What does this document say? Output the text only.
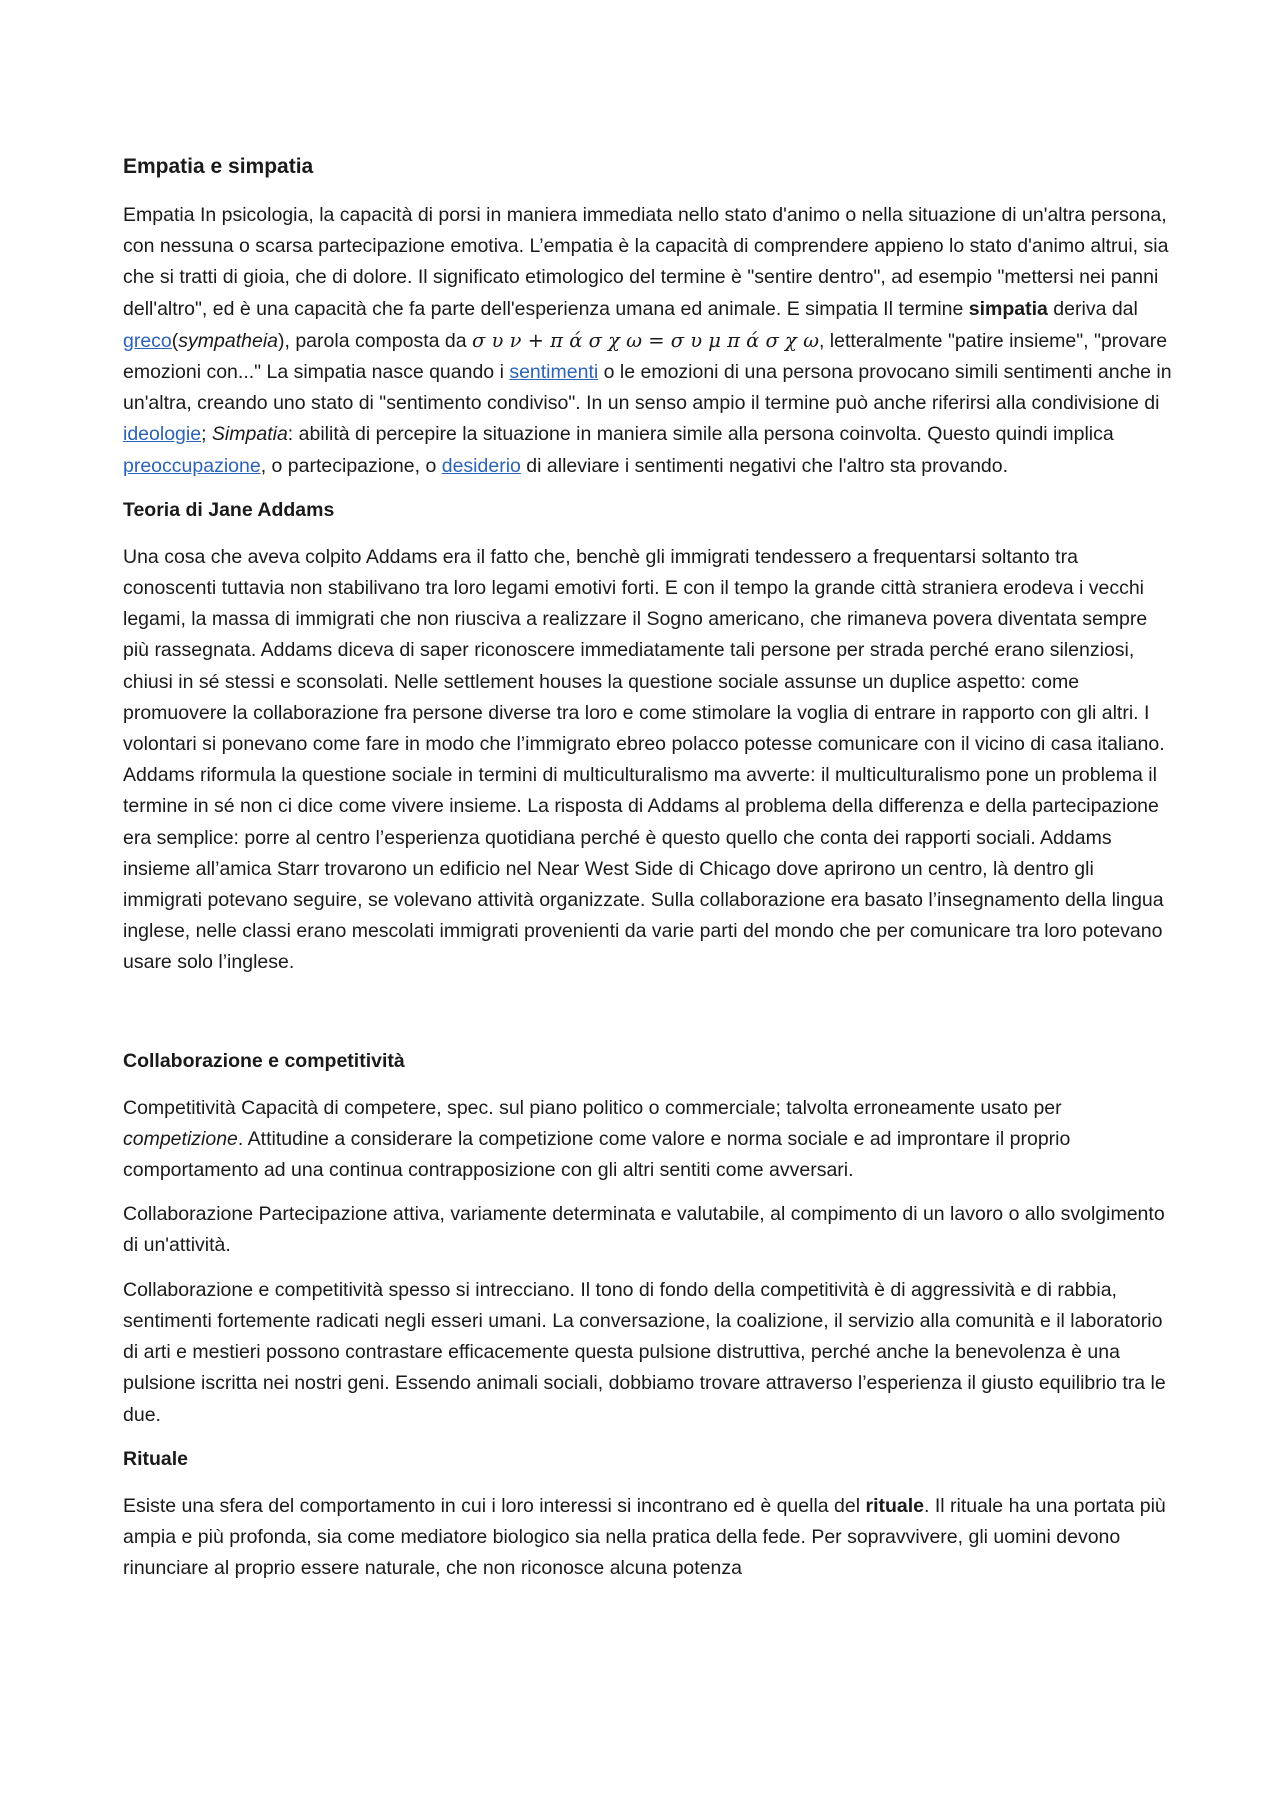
Empatia e simpatia
Empatia In psicologia, la capacità di porsi in maniera immediata nello stato d'animo o nella situazione di un'altra persona, con nessuna o scarsa partecipazione emotiva. L’empatia è la capacità di comprendere appieno lo stato d'animo altrui, sia che si tratti di gioia, che di dolore. Il significato etimologico del termine è "sentire dentro", ad esempio "mettersi nei panni dell'altro", ed è una capacità che fa parte dell'esperienza umana ed animale. E simpatia Il termine simpatia deriva dal greco(sympatheia), parola composta da σ υ ν + π ά σ χ ω = σ υ μ π ά σ χ ω, letteralmente "patire insieme", "provare emozioni con..." La simpatia nasce quando i sentimenti o le emozioni di una persona provocano simili sentimenti anche in un'altra, creando uno stato di "sentimento condiviso". In un senso ampio il termine può anche riferirsi alla condivisione di ideologie; Simpatia: abilità di percepire la situazione in maniera simile alla persona coinvolta. Questo quindi implica preoccupazione, o partecipazione, o desiderio di alleviare i sentimenti negativi che l'altro sta provando.
Teoria di Jane Addams
Una cosa che aveva colpito Addams era il fatto che, benchè gli immigrati tendessero a frequentarsi soltanto tra conoscenti tuttavia non stabilivano tra loro legami emotivi forti. E con il tempo la grande città straniera erodeva i vecchi legami, la massa di immigrati che non riusciva a realizzare il Sogno americano, che rimaneva povera diventata sempre più rassegnata. Addams diceva di saper riconoscere immediatamente tali persone per strada perché erano silenziosi, chiusi in sé stessi e sconsolati. Nelle settlement houses la questione sociale assunse un duplice aspetto: come promuovere la collaborazione fra persone diverse tra loro e come stimolare la voglia di entrare in rapporto con gli altri. I volontari si ponevano come fare in modo che l’immigrato ebreo polacco potesse comunicare con il vicino di casa italiano. Addams riformula la questione sociale in termini di multiculturalismo ma avverte: il multiculturalismo pone un problema il termine in sé non ci dice come vivere insieme. La risposta di Addams al problema della differenza e della partecipazione era semplice: porre al centro l’esperienza quotidiana perché è questo quello che conta dei rapporti sociali. Addams insieme all’amica Starr trovarono un edificio nel Near West Side di Chicago dove aprirono un centro, là dentro gli immigrati potevano seguire, se volevano attività organizzate. Sulla collaborazione era basato l’insegnamento della lingua inglese, nelle classi erano mescolati immigrati provenienti da varie parti del mondo che per comunicare tra loro potevano usare solo l’inglese.
Collaborazione e competitività
Competitività Capacità di competere, spec. sul piano politico o commerciale; talvolta erroneamente usato per competizione. Attitudine a considerare la competizione come valore e norma sociale e ad improntare il proprio comportamento ad una continua contrapposizione con gli altri sentiti come avversari.
Collaborazione Partecipazione attiva, variamente determinata e valutabile, al compimento di un lavoro o allo svolgimento di un'attività.
Collaborazione e competitività spesso si intrecciano. Il tono di fondo della competitività è di aggressività e di rabbia, sentimenti fortemente radicati negli esseri umani. La conversazione, la coalizione, il servizio alla comunità e il laboratorio di arti e mestieri possono contrastare efficacemente questa pulsione distruttiva, perché anche la benevolenza è una pulsione iscritta nei nostri geni. Essendo animali sociali, dobbiamo trovare attraverso l’esperienza il giusto equilibrio tra le due.
Rituale
Esiste una sfera del comportamento in cui i loro interessi si incontrano ed è quella del rituale. Il rituale ha una portata più ampia e più profonda, sia come mediatore biologico sia nella pratica della fede. Per sopravvivere, gli uomini devono rinunciare al proprio essere naturale, che non riconosce alcuna potenza
